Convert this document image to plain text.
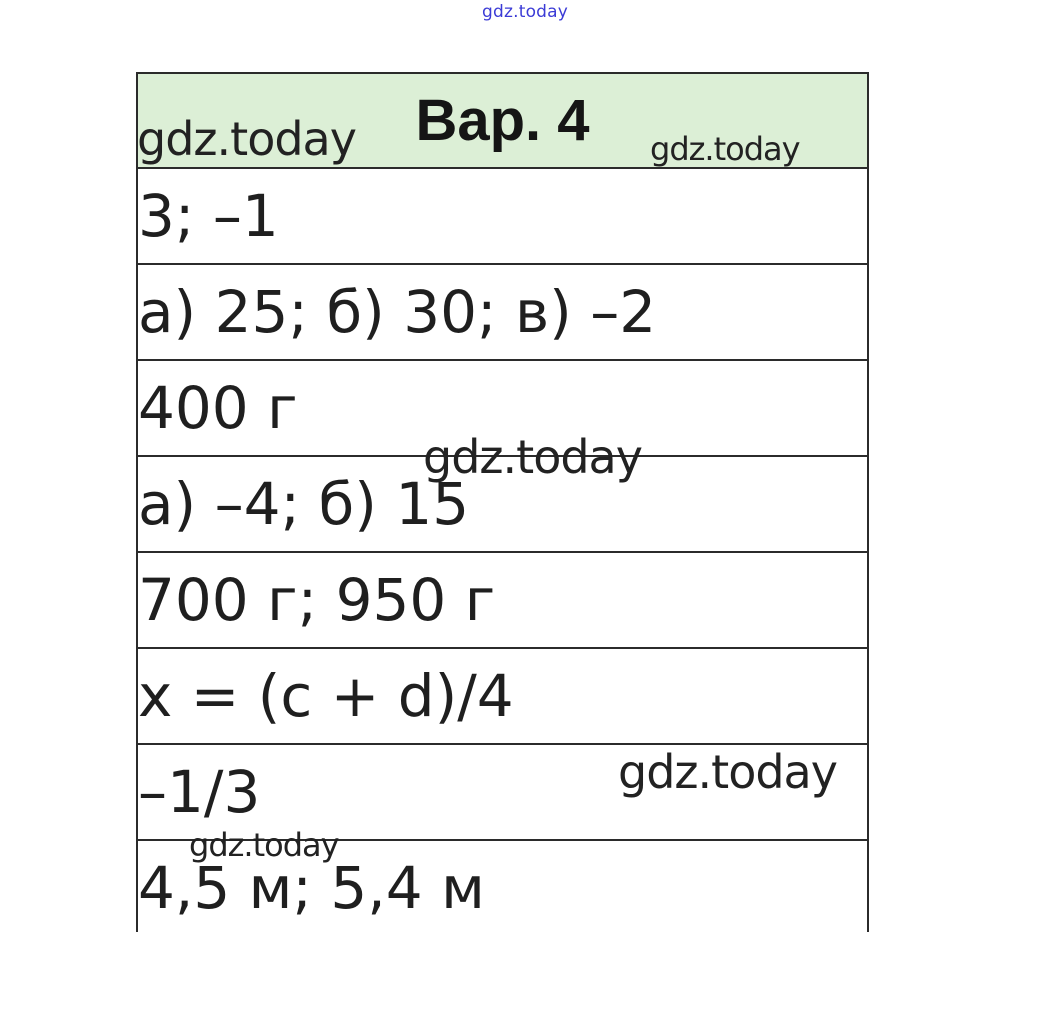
gdz.today
Вар. 4
3; –1
а) 25; б) 30; в) –2
400 г
а) –4; б) 15
700 г; 950 г
x = (c + d)/4
–1/3
4,5 м; 5,4 м
gdz.today	gdz.today
gdz.today
gdz.today
gdz.today
